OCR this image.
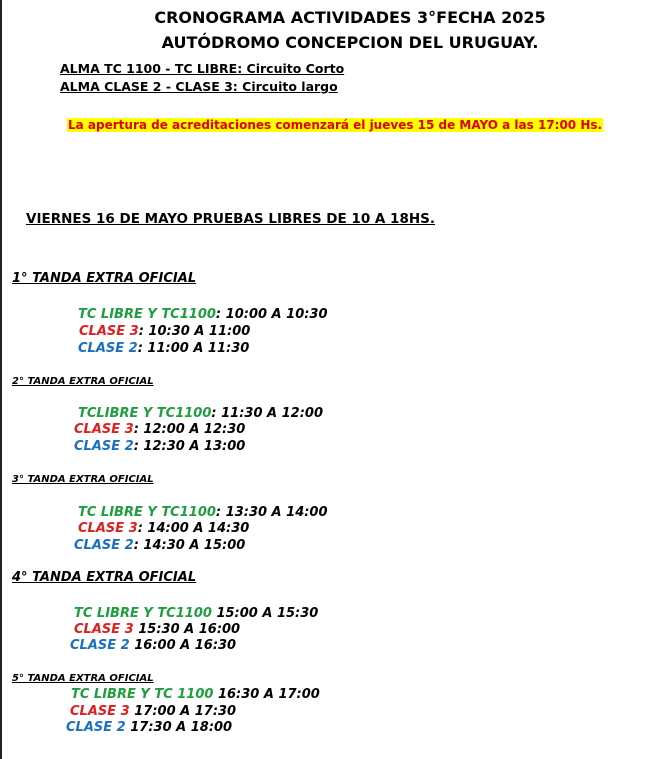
CRONOGRAMA ACTIVIDADES 3°FECHA 2025
AUTÓDROMO CONCEPCION DEL URUGUAY.
ALMA TC 1100 - TC LIBRE: Circuito Corto
ALMA CLASE 2 - CLASE 3: Circuito largo
La apertura de acreditaciones comenzará el jueves 15 de MAYO a las 17:00 Hs.
VIERNES 16 DE MAYO PRUEBAS LIBRES DE 10 A 18HS.
1° TANDA EXTRA OFICIAL
TC LIBRE Y TC1100: 10:00 A 10:30
CLASE 3: 10:30 A 11:00
CLASE 2: 11:00 A 11:30
2° TANDA EXTRA OFICIAL
TCLIBRE Y TC1100: 11:30 A 12:00
CLASE 3: 12:00 A 12:30
CLASE 2: 12:30 A 13:00
3° TANDA EXTRA OFICIAL
TC LIBRE Y TC1100: 13:30 A 14:00
CLASE 3: 14:00 A 14:30
CLASE 2: 14:30 A 15:00
4° TANDA EXTRA OFICIAL
TC LIBRE Y TC1100 15:00 A 15:30
CLASE 3 15:30 A 16:00
CLASE 2 16:00 A 16:30
5° TANDA EXTRA OFICIAL
TC LIBRE Y TC 1100 16:30 A 17:00
CLASE 3 17:00 A 17:30
CLASE 2 17:30 A 18:00
